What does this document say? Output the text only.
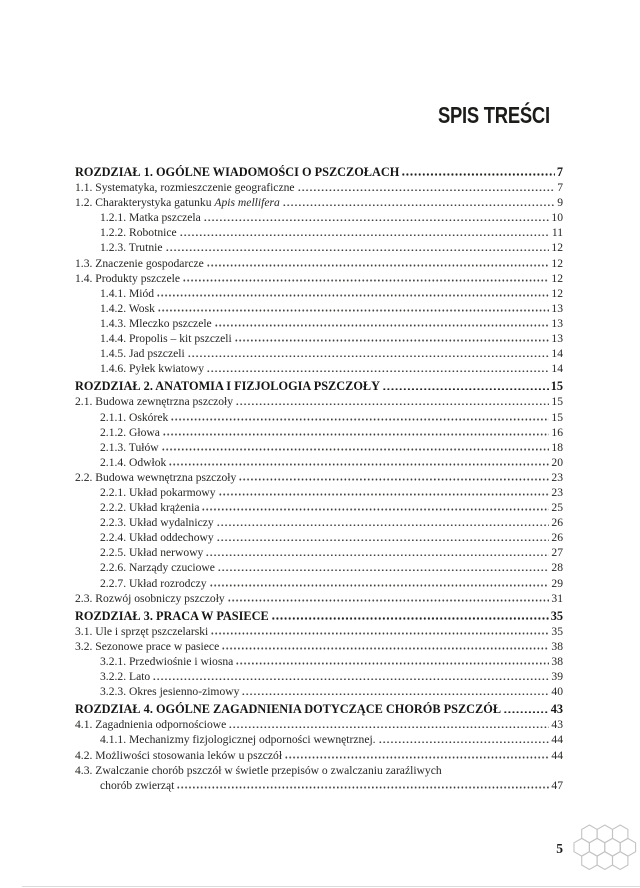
SPIS TREŚCI
ROZDZIAŁ 1. OGÓLNE WIADOMOŚCI O PSZCZOŁACH	7
1.1. Systematyka, rozmieszczenie geograficzne	7
1.2. Charakterystyka gatunku Apis mellifera	9
1.2.1. Matka pszczela	10
1.2.2. Robotnice	11
1.2.3. Trutnie	12
1.3. Znaczenie gospodarcze	12
1.4. Produkty pszczele	12
1.4.1. Miód	12
1.4.2. Wosk	13
1.4.3. Mleczko pszczele	13
1.4.4. Propolis – kit pszczeli	13
1.4.5. Jad pszczeli	14
1.4.6. Pyłek kwiatowy	14
ROZDZIAŁ 2. ANATOMIA I FIZJOLOGIA PSZCZOŁY	15
2.1. Budowa zewnętrzna pszczoły	15
2.1.1. Oskórek	15
2.1.2. Głowa	16
2.1.3. Tułów	18
2.1.4. Odwłok	20
2.2. Budowa wewnętrzna pszczoły	23
2.2.1. Układ pokarmowy	23
2.2.2. Układ krążenia	25
2.2.3. Układ wydalniczy	26
2.2.4. Układ oddechowy	26
2.2.5. Układ nerwowy	27
2.2.6. Narządy czuciowe	28
2.2.7. Układ rozrodczy	29
2.3. Rozwój osobniczy pszczoły	31
ROZDZIAŁ 3. PRACA W PASIECE	35
3.1. Ule i sprzęt pszczelarski	35
3.2. Sezonowe prace w pasiece	38
3.2.1. Przedwiośnie i wiosna	38
3.2.2. Lato	39
3.2.3. Okres jesienno-zimowy	40
ROZDZIAŁ 4. OGÓLNE ZAGADNIENIA DOTYCZĄCE CHORÓB PSZCZÓŁ	43
4.1. Zagadnienia odpornościowe	43
4.1.1. Mechanizmy fizjologicznej odporności wewnętrznej.	44
4.2. Możliwości stosowania leków u pszczół	44
4.3. Zwalczanie chorób pszczół w świetle przepisów o zwalczaniu zaraźliwych
chorób zwierząt	47
5
